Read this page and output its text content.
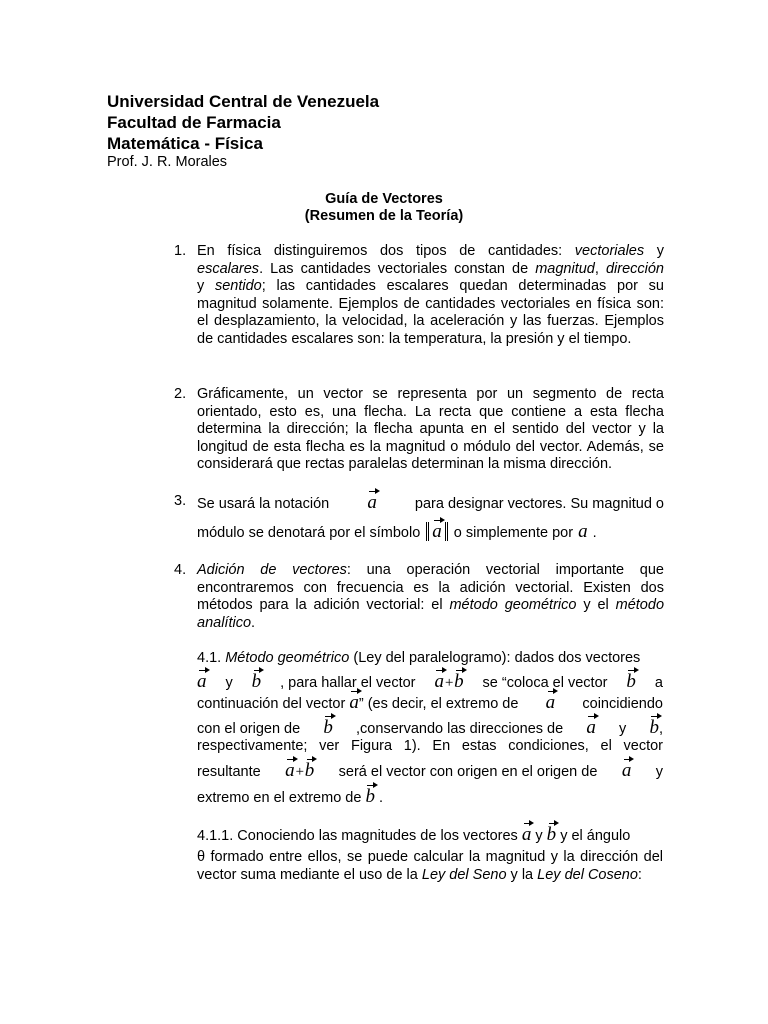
Universidad Central de Venezuela
Facultad de Farmacia
Matemática - Física
Prof. J. R. Morales
Guía de Vectores
(Resumen de la Teoría)
1. En física distinguiremos dos tipos de cantidades: vectoriales y
escalares. Las cantidades vectoriales constan de magnitud, dirección
y sentido; las cantidades escalares quedan determinadas por su
magnitud solamente. Ejemplos de cantidades vectoriales en física son: el desplazamiento, la velocidad, la aceleración y las fuerzas. Ejemplos de cantidades escalares son: la temperatura, la presión y el tiempo.
2. Gráficamente, un vector se representa por un segmento de recta orientado, esto es, una flecha. La recta que contiene a esta flecha determina la dirección; la flecha apunta en el sentido del vector y la longitud de esta flecha es la magnitud o módulo del vector. Además, se considerará que rectas paralelas determinan la misma dirección.
3. Se usará la notación a	para designar vectores. Su magnitud o
módulo se denotará por el símbolo a o simplemente por a .
4. Adición de vectores: una operación vectorial importante que encontraremos con frecuencia es la adición vectorial. Existen dos métodos para la adición vectorial: el método geométrico y el método analítico.
4.1. Método geométrico (Ley del paralelogramo): dados dos vectores
a y b , para hallar el vector a+b se “coloca el vector b a
continuación del vector a” (es decir, el extremo de a coincidiendo
con el origen de b ,conservando las direcciones de a y b,
respectivamente; ver Figura 1). En estas condiciones, el vector
resultante a+b será el vector con origen en el origen de a y
extremo en el extremo de
b
.
4.1.1. Conociendo las magnitudes de los vectores
a
y
b
y el ángulo
θ formado entre ellos, se puede calcular la magnitud y la dirección del vector suma mediante el uso de la Ley del Seno y la Ley del Coseno:
